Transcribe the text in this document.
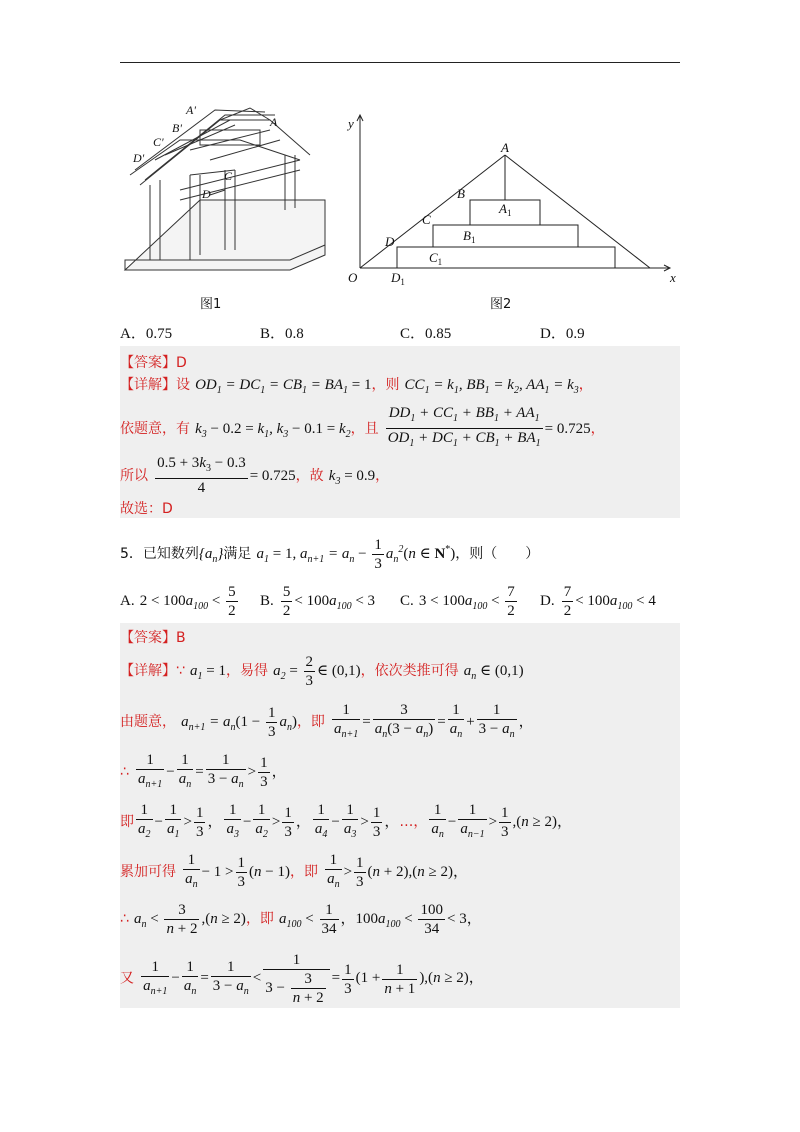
A'
A
B'
C'
D'
C
D
图1
y
x
O
A
B
C
D
$A_1$
$B_1$
$C_1$
$D_1$
图2
A．0.75	B．0.8	C．0.85	D．0.9
【答案】D
【详解】设 $OD_1 = DC_1 = CB_1 = BA_1 = 1$，则 $CC_1 = k_1$, $BB_1 = k_2$, $AA_1 = k_3$，
依题意，有 $k_3 - 0.2 = k_1$, $k_3 - 0.1 = k_2$，且 $\frac{DD_1 + CC_1 + BB_1 + AA_1}{OD_1 + DC_1 + CB_1 + BA_1} = 0.725$，
所以 $\frac{0.5 + 3k_3 - 0.3}{4} = 0.725$，故 $k_3 = 0.9$，
故选：D
5．已知数列$\{a_n\}$满足 $a_1 = 1$, $a_{n+1} = a_n - \frac{1}{3} a_n^2(n$ ∈ N*)，则（　　）
A. $2 < 100a_{100} < \frac{5}{2} B$. $\frac{5}{2} < 100a_{100} < 3$ C. $3 < 100a_{100} < \frac{7}{2} D$. $\frac{7}{2} < 100a_{100} < 4$
【答案】B
【详解】∵ $a_1 = 1$，易得 $a_2 = \frac{2}{3}$ ∈ (0,1)，依次类推可得 $a_n$ ∈ (0,1)
由题意， $a_{n+1} = a_n(1 - \frac{1}{3} a_n)$，即 $\frac{1}{a_{n+1}} = \frac{3}{a_n(3 - a_n)} = \frac{1}{a_n} + \frac{1}{3 - a_n}$ ，
∴ $\frac{1}{a_{n+1}} - \frac{1}{a_n} = \frac{1}{3 - a_n} > \frac{1}{3}$ ，
即 $\frac{1}{a_2} - \frac{1}{a_1} > \frac{1}{3}$ ， $\frac{1}{a_3} - \frac{1}{a_2} > \frac{1}{3}$ ， $\frac{1}{a_4} - \frac{1}{a_3} > \frac{1}{3}$ ，…， $\frac{1}{a_n} - \frac{1}{a_{n-1}} > \frac{1}{3} ,(n \ge 2)$，
累加可得 $\frac{1}{a_n} - 1 > \frac{1}{3} (n - 1)$，即 $\frac{1}{a_n} > \frac{1}{3} (n + 2),(n \ge 2)$，
∴ $a_n < \frac{3}{n + 2} ,(n \ge 2)$，即 $a_{100} < \frac{1}{34}$ ，$100a_{100} < \frac{100}{34} < 3$，
又 $\frac{1}{a_{n+1}} - \frac{1}{a_n} = \frac{1}{3 - a_n} < \frac{1}{3 - \frac{3}{n + 2}} = \frac{1}{3} (1 + \frac{1}{n + 1} ),(n \ge 2)$，
